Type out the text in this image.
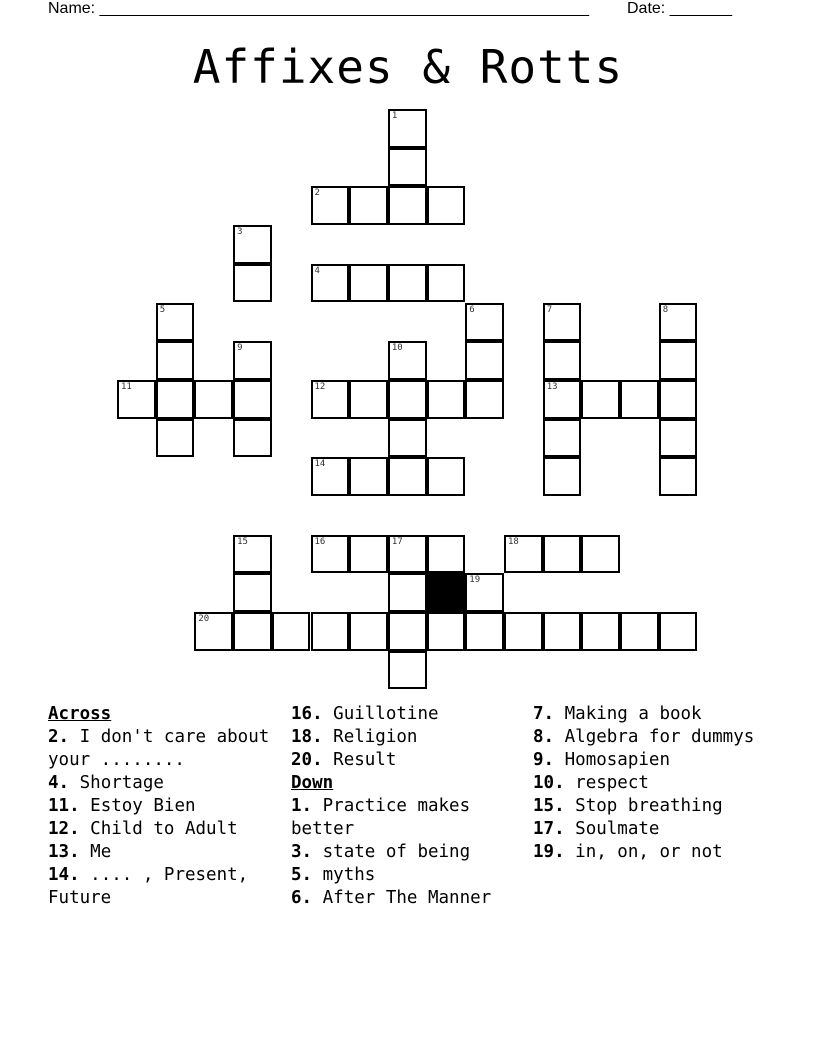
Name: _______________________________________________________ Date: _______
Affixes & Rotts
1
2
3
4
5	6	7	8
9	10
11	12	13
14
15	16	17	18
19
20
Across
2. I don't care about your ........
4. Shortage
11. Estoy Bien
12. Child to Adult
13. Me
14. .... , Present, Future
16. Guillotine
18. Religion
20. Result
Down
1. Practice makes better
3. state of being
5. myths
6. After The Manner
7. Making a book
8. Algebra for dummys
9. Homosapien
10. respect
15. Stop breathing
17. Soulmate
19. in, on, or not
